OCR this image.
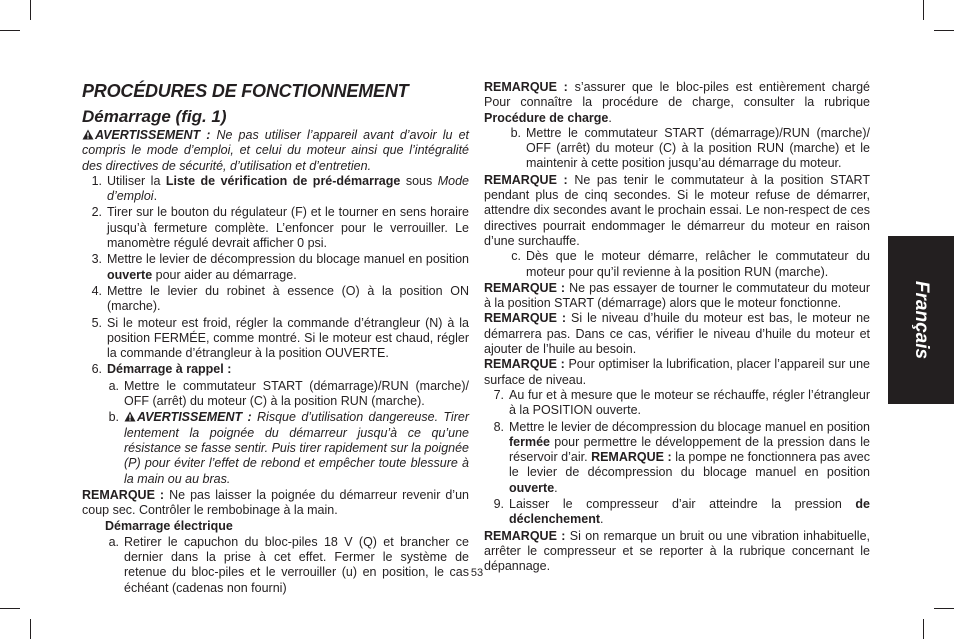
PROCÉDURES DE FONCTIONNEMENT
Démarrage (fig. 1)

AVERTISSEMENT : Ne pas utiliser l’appareil avant d’avoir lu et compris le mode d’emploi, et celui du moteur ainsi que l’intégralité des directives de sécurité, d’utilisation et d’entretien.

1. Utiliser la Liste de vérification de pré-démarrage sous Mode d’emploi.
2. Tirer sur le bouton du régulateur (F) et le tourner en sens horaire jusqu’à fermeture complète. L’enfoncer pour le verrouiller. Le manomètre régulé devrait afficher 0 psi.
3. Mettre le levier de décompression du blocage manuel en position ouverte pour aider au démarrage.
4. Mettre le levier du robinet à essence (O) à la position ON (marche).
5. Si le moteur est froid, régler la commande d’étrangleur (N) à la position FERMÉE, comme montré. Si le moteur est chaud, régler la commande d’étrangleur à la position OUVERTE.
6. Démarrage à rappel :
a. Mettre le commutateur START (démarrage)/RUN (marche)/ OFF (arrêt) du moteur (C) à la position RUN (marche).
b.	AVERTISSEMENT : Risque d’utilisation dangereuse. Tirer lentement la poignée du démarreur jusqu’à ce qu’une résistance se fasse sentir. Puis tirer rapidement sur la poignée (P) pour éviter l’effet de rebond et empêcher toute blessure à la main ou au bras.

REMARQUE : Ne pas laisser la poignée du démarreur revenir d’un coup sec. Contrôler le rembobinage à la main.

Démarrage électrique

a. Retirer le capuchon du bloc-piles 18 V (Q) et brancher ce dernier dans la prise à cet effet. Fermer le système de retenue du bloc-piles et le verrouiller (u) en position, le cas échéant (cadenas non fourni)

REMARQUE : s’assurer que le bloc-piles est entièrement chargé Pour connaître la procédure de charge, consulter la rubrique Procédure de charge.

b. Mettre le commutateur START (démarrage)/RUN (marche)/ OFF (arrêt) du moteur (C) à la position RUN (marche) et le maintenir à cette position jusqu’au démarrage du moteur.

REMARQUE : Ne pas tenir le commutateur à la position START pendant plus de cinq secondes. Si le moteur refuse de démarrer, attendre dix secondes avant le prochain essai. Le non-respect de ces directives pourrait endommager le démarreur du moteur en raison d’une surchauffe.

c. Dès que le moteur démarre, relâcher le commutateur du moteur pour qu’il revienne à la position RUN (marche).

REMARQUE : Ne pas essayer de tourner le commutateur du moteur à la position START (démarrage) alors que le moteur fonctionne.

REMARQUE : Si le niveau d’huile du moteur est bas, le moteur ne démarrera pas. Dans ce cas, vérifier le niveau d’huile du moteur et ajouter de l’huile au besoin.

REMARQUE : Pour optimiser la lubrification, placer l’appareil sur une surface de niveau.

7. Au fur et à mesure que le moteur se réchauffe, régler l’étrangleur à la POSITION ouverte.
8. Mettre le levier de décompression du blocage manuel en position fermée pour permettre le développement de la pression dans le réservoir d’air. REMARQUE : la pompe ne fonctionnera pas avec le levier de décompression du blocage manuel en position ouverte.
9. Laisser le compresseur d’air atteindre la pression de déclenchement.

REMARQUE : Si on remarque un bruit ou une vibration inhabituelle, arrêter le compresseur et se reporter à la rubrique concernant le dépannage.

Français
53
